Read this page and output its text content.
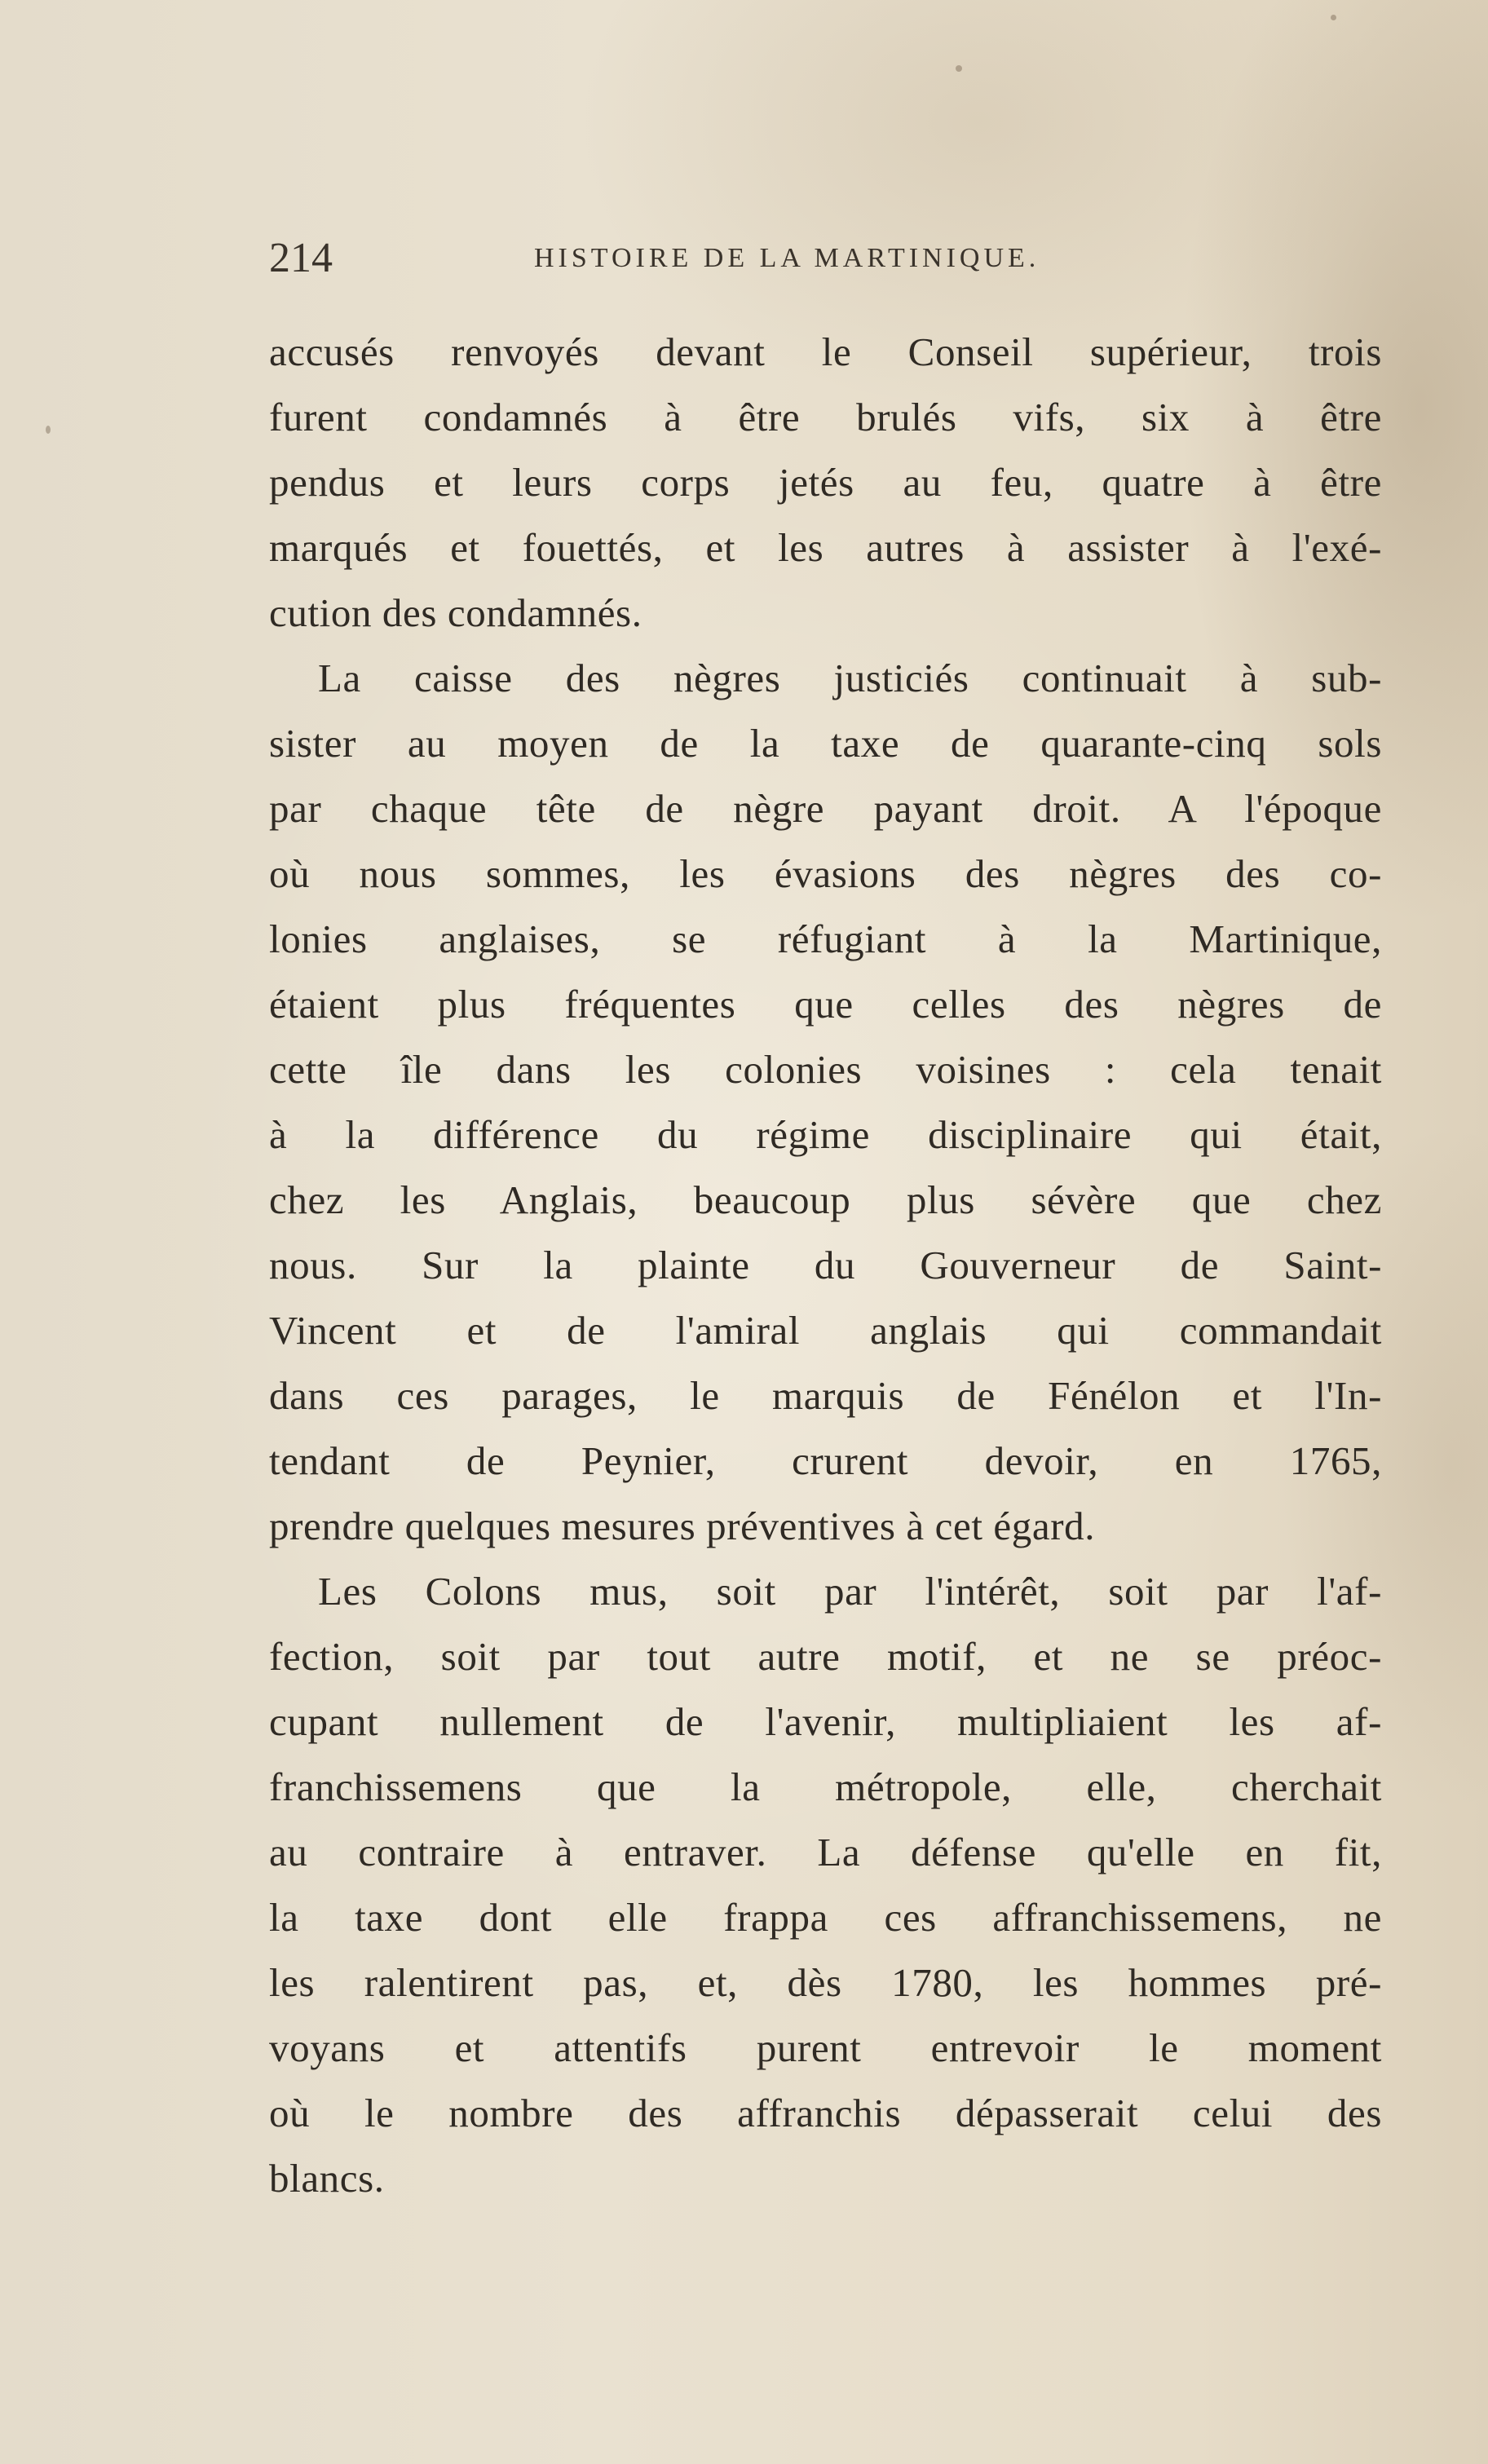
214	HISTOIRE DE LA MARTINIQUE.
accusés renvoyés devant le Conseil supérieur, trois
furent condamnés à être brulés vifs, six à être
pendus et leurs corps jetés au feu, quatre à être
marqués et fouettés, et les autres à assister à l'exé-
cution des condamnés.
La caisse des nègres justiciés continuait à sub-
sister au moyen de la taxe de quarante-cinq sols
par chaque tête de nègre payant droit. A l'époque
où nous sommes, les évasions des nègres des co-
lonies anglaises, se réfugiant à la Martinique,
étaient plus fréquentes que celles des nègres de
cette île dans les colonies voisines : cela tenait
à la différence du régime disciplinaire qui était,
chez les Anglais, beaucoup plus sévère que chez
nous. Sur la plainte du Gouverneur de Saint-
Vincent et de l'amiral anglais qui commandait
dans ces parages, le marquis de Fénélon et l'In-
tendant de Peynier, crurent devoir, en 1765,
prendre quelques mesures préventives à cet égard.
Les Colons mus, soit par l'intérêt, soit par l'af-
fection, soit par tout autre motif, et ne se préoc-
cupant nullement de l'avenir, multipliaient les af-
franchissemens que la métropole, elle, cherchait
au contraire à entraver. La défense qu'elle en fit,
la taxe dont elle frappa ces affranchissemens, ne
les ralentirent pas, et, dès 1780, les hommes pré-
voyans et attentifs purent entrevoir le moment
où le nombre des affranchis dépasserait celui des
blancs.
